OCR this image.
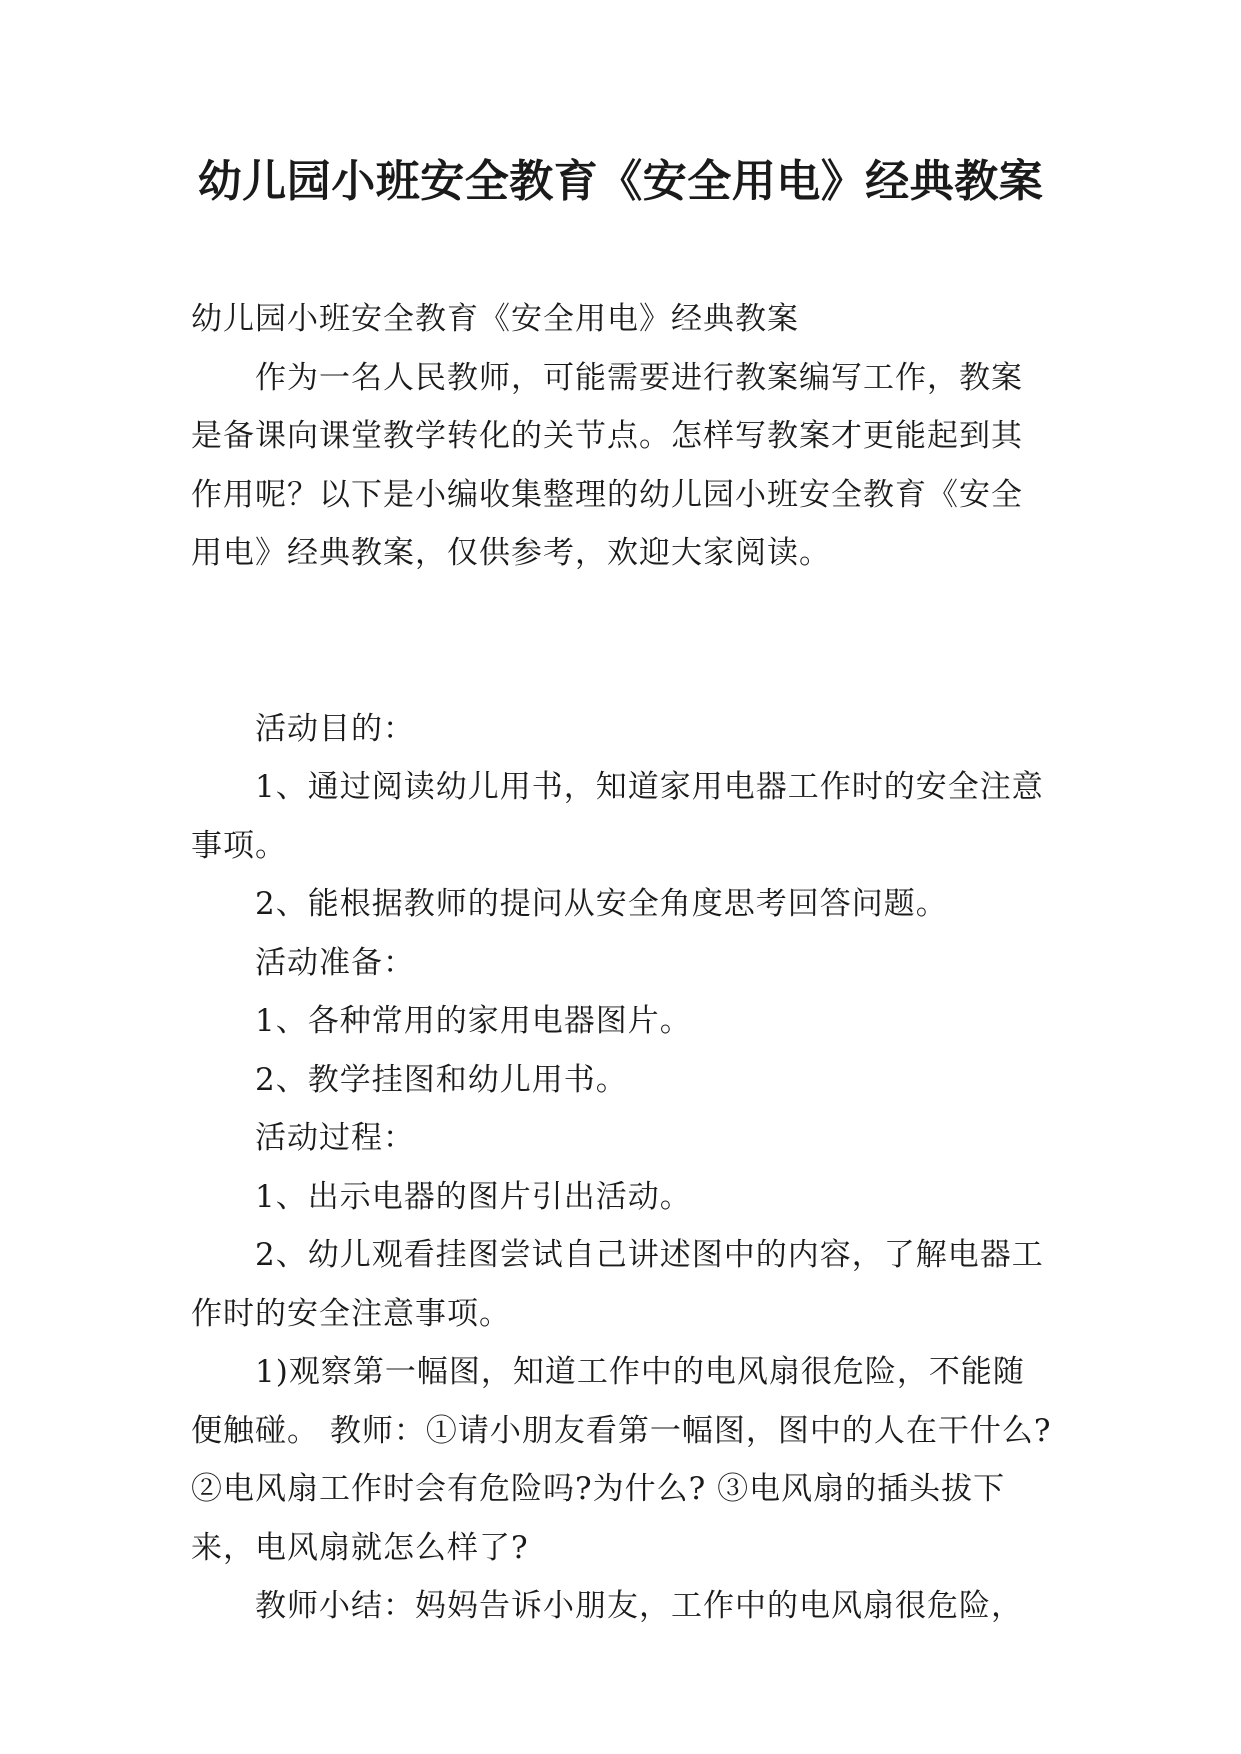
幼儿园小班安全教育《安全用电》经典教案

幼儿园小班安全教育《安全用电》经典教案

作为一名人民教师，可能需要进行教案编写工作，教案是备课向课堂教学转化的关节点。怎样写教案才更能起到其作用呢？以下是小编收集整理的幼儿园小班安全教育《安全用电》经典教案，仅供参考，欢迎大家阅读。

活动目的：

1、通过阅读幼儿用书，知道家用电器工作时的安全注意事项。

2、能根据教师的提问从安全角度思考回答问题。

活动准备：

1、各种常用的家用电器图片。

2、教学挂图和幼儿用书。

活动过程：

1、出示电器的图片引出活动。

2、幼儿观看挂图尝试自己讲述图中的内容，了解电器工作时的安全注意事项。

1)观察第一幅图，知道工作中的电风扇很危险，不能随便触碰。 教师：①请小朋友看第一幅图，图中的人在干什么? ②电风扇工作时会有危险吗?为什么? ③电风扇的插头拔下来，电风扇就怎么样了?

教师小结：妈妈告诉小朋友，工作中的电风扇很危险，
